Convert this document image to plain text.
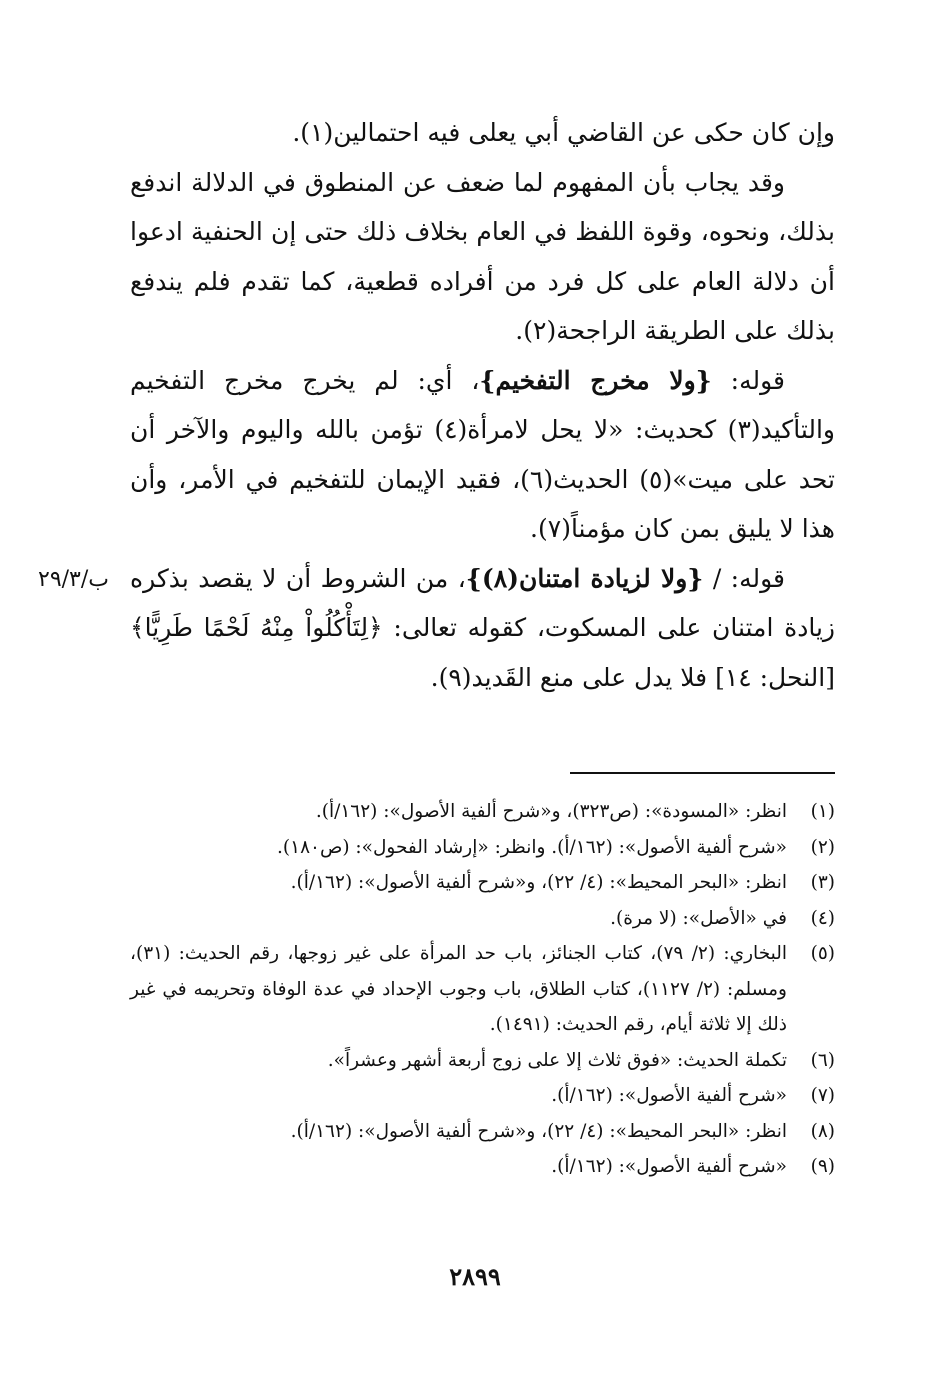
وإن كان حكى عن القاضي أبي يعلى فيه احتمالين(١).

وقد يجاب بأن المفهوم لما ضعف عن المنطوق في الدلالة اندفع بذلك، ونحوه، وقوة اللفظ في العام بخلاف ذلك حتى إن الحنفية ادعوا أن دلالة العام على كل فرد من أفراده قطعية، كما تقدم فلم يندفع بذلك على الطريقة الراجحة(٢).

قوله: {ولا مخرج التفخيم}، أي: لم يخرج مخرج التفخيم والتأكيد(٣) كحديث: «لا يحل لامرأة(٤) تؤمن بالله واليوم والآخر أن تحد على ميت»(٥) الحديث(٦)، فقيد الإيمان للتفخيم في الأمر، وأن هذا لا يليق بمن كان مؤمناً(٧).

قوله: / {ولا لزيادة امتنان(٨)}، من الشروط أن لا يقصد بذكره زيادة امتنان على المسكوت، كقوله تعالى: ﴿لِتَأْكُلُواْ مِنْهُ لَحْمًا طَرِيًّا﴾ [النحل: ١٤] فلا يدل على منع القَديد(٩).

ب/٢٩/٣
(١)
انظر: «المسودة»: (ص٣٢٣)، و«شرح ألفية الأصول»: (١٦٢/أ).
(٢)
«شرح ألفية الأصول»: (١٦٢/أ). وانظر: «إرشاد الفحول»: (ص١٨٠).
(٣)
انظر: «البحر المحيط»: (٤/ ٢٢)، و«شرح ألفية الأصول»: (١٦٢/أ).
(٤)
في «الأصل»: (لا مرة).
(٥)
البخاري: (٢/ ٧٩)، كتاب الجنائز، باب حد المرأة على غير زوجها، رقم الحديث: (٣١)، ومسلم: (٢/ ١١٢٧)، كتاب الطلاق، باب وجوب الإحداد في عدة الوفاة وتحريمه في غير ذلك إلا ثلاثة أيام، رقم الحديث: (١٤٩١).
(٦)
تكملة الحديث: «فوق ثلاث إلا على زوج أربعة أشهر وعشراً».
(٧)
«شرح ألفية الأصول»: (١٦٢/أ).
(٨)
انظر: «البحر المحيط»: (٤/ ٢٢)، و«شرح ألفية الأصول»: (١٦٢/أ).
(٩)
«شرح ألفية الأصول»: (١٦٢/أ).
٢٨٩٩
